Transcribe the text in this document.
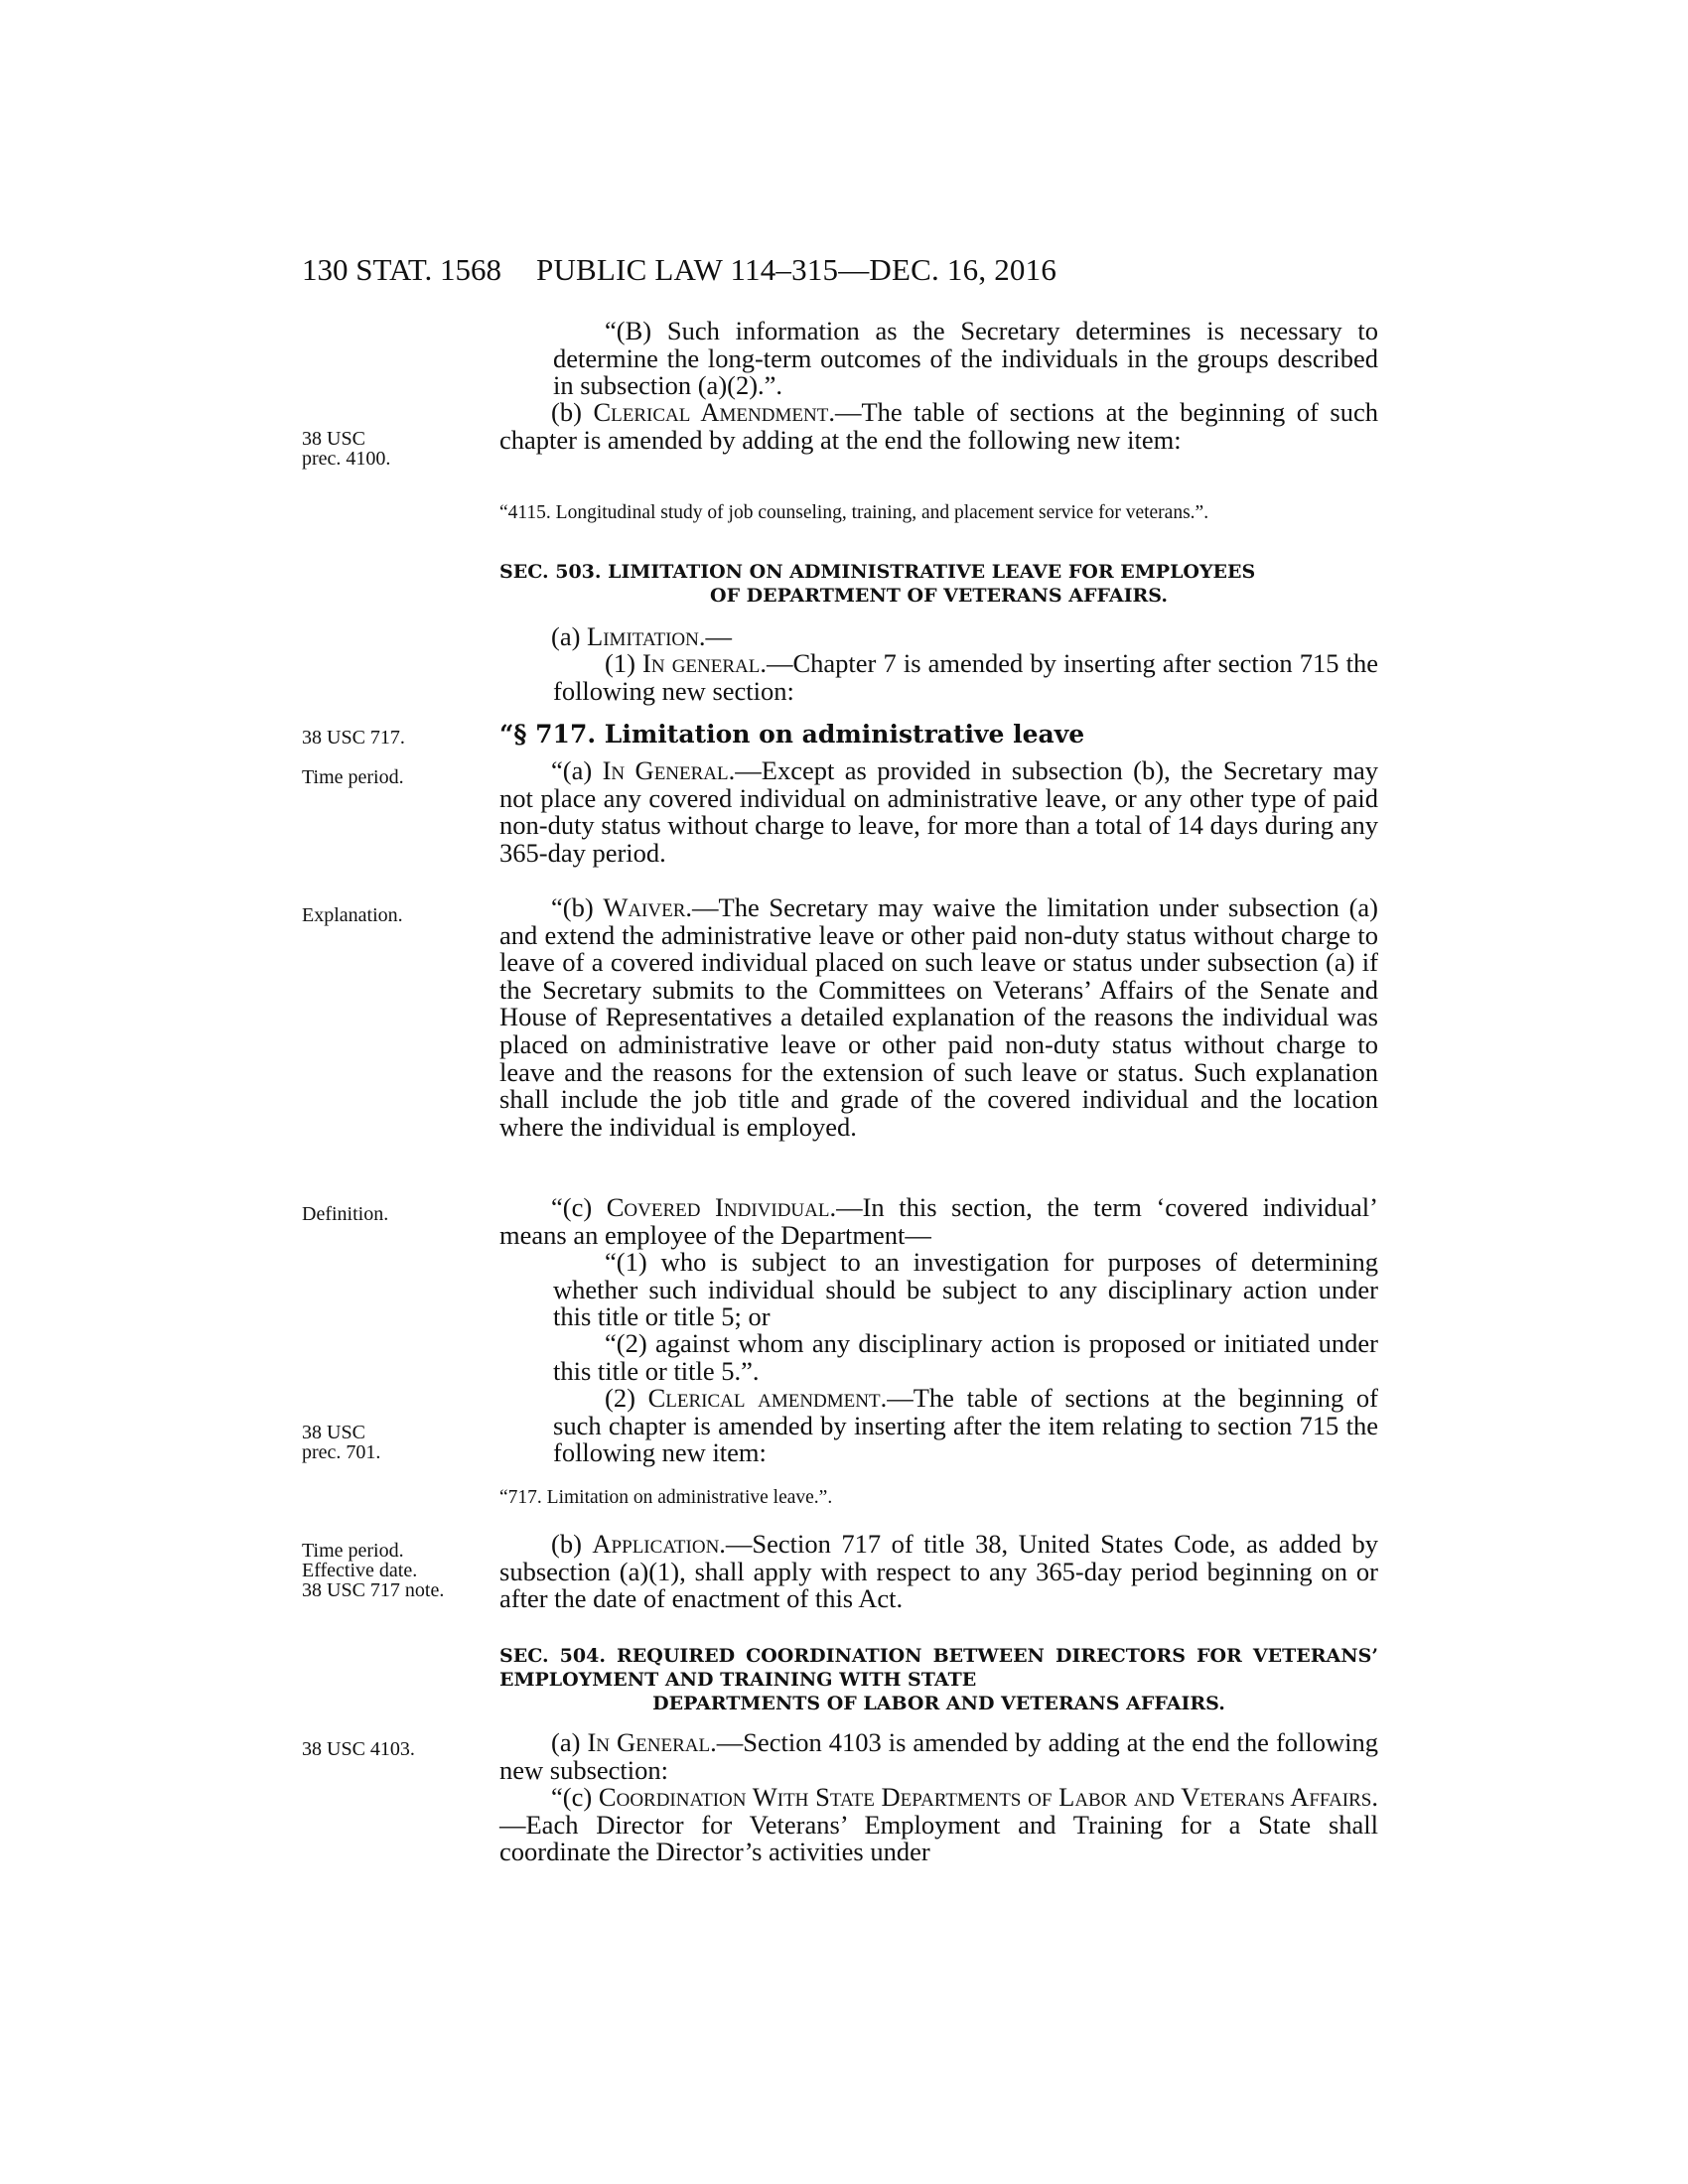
130 STAT. 1568 PUBLIC LAW 114–315—DEC. 16, 2016
38 USC
prec. 4100.
38 USC 717.
Time period.
Explanation.
Definition.
38 USC
prec. 701.
Time period.
Effective date.
38 USC 717 note.
38 USC 4103.

“(B) Such information as the Secretary determines is necessary to determine the long-term outcomes of the individuals in the groups described in subsection (a)(2).”.

(b) Clerical Amendment.—The table of sections at the beginning of such chapter is amended by adding at the end the following new item:

“4115. Longitudinal study of job counseling, training, and placement service for veterans.”.

SEC. 503. LIMITATION ON ADMINISTRATIVE LEAVE FOR EMPLOYEES
OF DEPARTMENT OF VETERANS AFFAIRS.

(a) Limitation.—

(1) In general.—Chapter 7 is amended by inserting after section 715 the following new section:

“§ 717. Limitation on administrative leave

“(a) In General.—Except as provided in subsection (b), the Secretary may not place any covered individual on administrative leave, or any other type of paid non-duty status without charge to leave, for more than a total of 14 days during any 365-day period.

“(b) Waiver.—The Secretary may waive the limitation under subsection (a) and extend the administrative leave or other paid non-duty status without charge to leave of a covered individual placed on such leave or status under subsection (a) if the Secretary submits to the Committees on Veterans’ Affairs of the Senate and House of Representatives a detailed explanation of the reasons the individual was placed on administrative leave or other paid non-duty status without charge to leave and the reasons for the extension of such leave or status. Such explanation shall include the job title and grade of the covered individual and the location where the individual is employed.

“(c) Covered Individual.—In this section, the term ‘covered individual’ means an employee of the Department—

“(1) who is subject to an investigation for purposes of determining whether such individual should be subject to any disciplinary action under this title or title 5; or

“(2) against whom any disciplinary action is proposed or initiated under this title or title 5.”.

(2) Clerical amendment.—The table of sections at the beginning of such chapter is amended by inserting after the item relating to section 715 the following new item:

“717. Limitation on administrative leave.”.

(b) Application.—Section 717 of title 38, United States Code, as added by subsection (a)(1), shall apply with respect to any 365-day period beginning on or after the date of enactment of this Act.

SEC. 504. REQUIRED COORDINATION BETWEEN DIRECTORS FOR VETERANS’ EMPLOYMENT AND TRAINING WITH STATE
DEPARTMENTS OF LABOR AND VETERANS AFFAIRS.

(a) In General.—Section 4103 is amended by adding at the end the following new subsection:

“(c) Coordination With State Departments of Labor and Veterans Affairs.—Each Director for Veterans’ Employment and Training for a State shall coordinate the Director’s activities under
